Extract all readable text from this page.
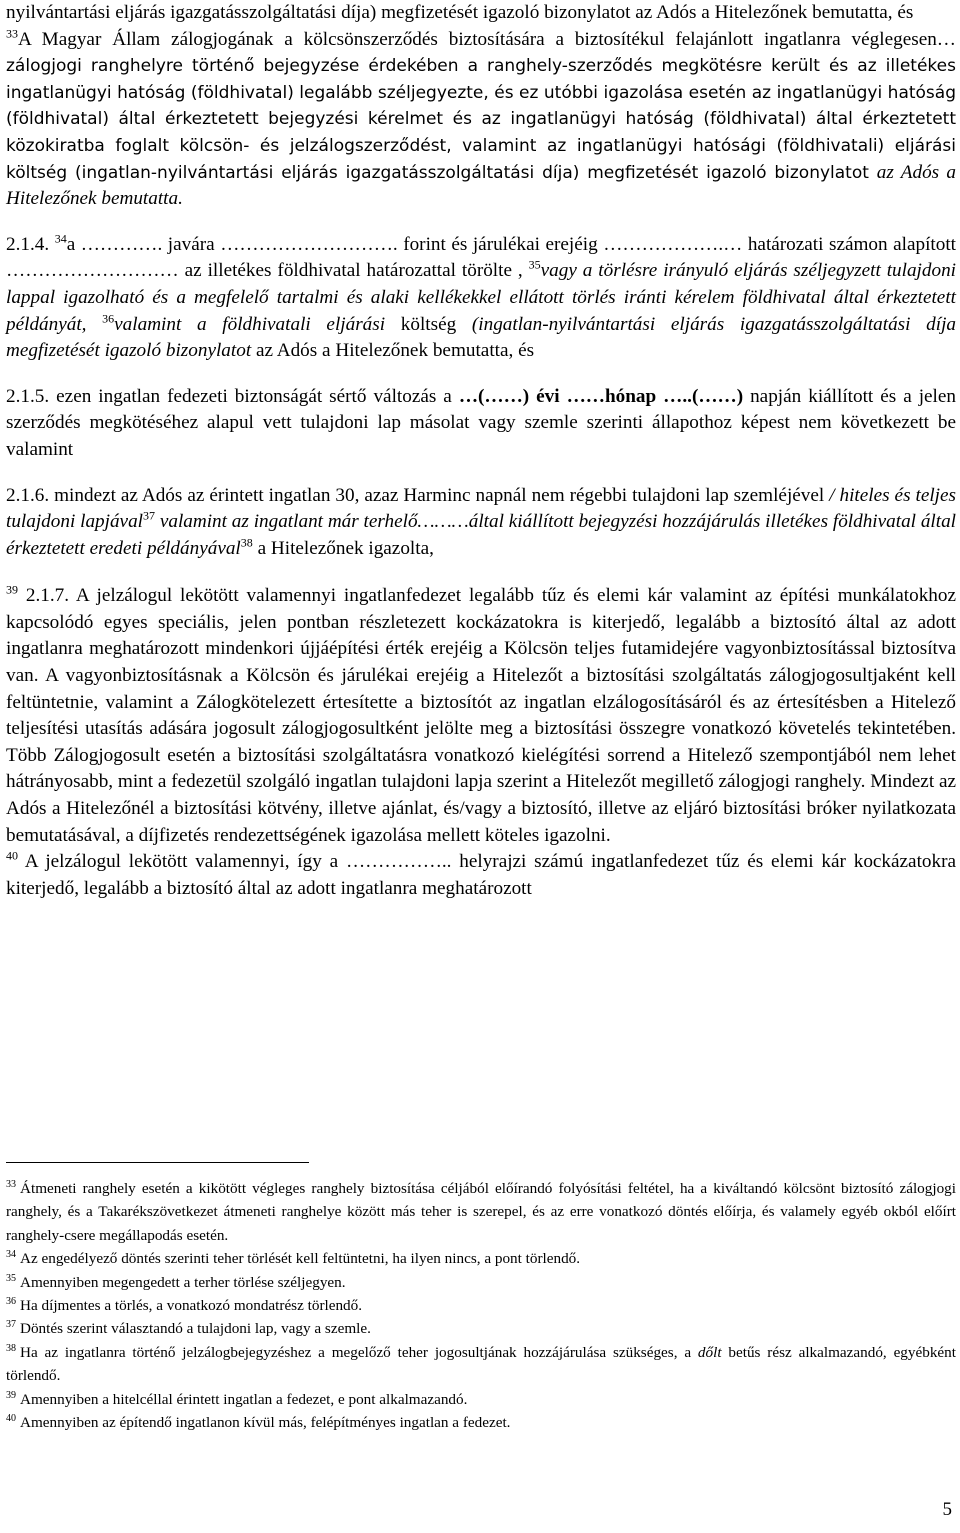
nyilvántartási eljárás igazgatásszolgáltatási díja) megfizetését igazoló bizonylatot az Adós a Hitelezőnek bemutatta, és

$^{33}$A Magyar Állam zálogjogának a kölcsönszerződés biztosítására a biztosítékul felajánlott ingatlanra véglegesen… zálogjogi ranghelyre történő bejegyzése érdekében a ranghely-szerződés megkötésre került és az illetékes ingatlanügyi hatóság (földhivatal) legalább széljegyezte, és ez utóbbi igazolása esetén az ingatlanügyi hatóság (földhivatal) által érkeztetett bejegyzési kérelmet és az ingatlanügyi hatóság (földhivatal) által érkeztetett közokiratba foglalt kölcsön- és jelzálogszerződést, valamint az ingatlanügyi hatósági (földhivatali) eljárási költség (ingatlan-nyilvántartási eljárás igazgatásszolgáltatási díja) megfizetését igazoló bizonylatot az Adós a Hitelezőnek bemutatta.

2.1.4. $^{34}$a …………. javára ………………………. forint és járulékai erejéig ……………….… határozati számon alapított ……………………… az illetékes földhivatal határozattal törölte , $^{35}$vagy a törlésre irányuló eljárás széljegyzett tulajdoni lappal igazolható és a megfelelő tartalmi és alaki kellékekkel ellátott törlés iránti kérelem földhivatal által érkeztetett példányát, $^{36}$valamint a földhivatali eljárási költség (ingatlan-nyilvántartási eljárás igazgatásszolgáltatási díja megfizetését igazoló bizonylatot az Adós a Hitelezőnek bemutatta, és

2.1.5. ezen ingatlan fedezeti biztonságát sértő változás a …(……) évi ……hónap …..(……) napján kiállított és a jelen szerződés megkötéséhez alapul vett tulajdoni lap másolat vagy szemle szerinti állapothoz képest nem következett be valamint

2.1.6. mindezt az Adós az érintett ingatlan 30, azaz Harminc napnál nem régebbi tulajdoni lap szemléjével / hiteles és teljes tulajdoni lapjával$^{37}$ valamint az ingatlant már terhelő………által kiállított bejegyzési hozzájárulás illetékes földhivatal által érkeztetett eredeti példányával$^{38}$ a Hitelezőnek igazolta,

$^{39}$ 2.1.7. A jelzálogul lekötött valamennyi ingatlanfedezet legalább tűz és elemi kár valamint az építési munkálatokhoz kapcsolódó egyes speciális, jelen pontban részletezett kockázatokra is kiterjedő, legalább a biztosító által az adott ingatlanra meghatározott mindenkori újjáépítési érték erejéig a Kölcsön teljes futamidejére vagyonbiztosítással biztosítva van. A vagyonbiztosításnak a Kölcsön és járulékai erejéig a Hitelezőt a biztosítási szolgáltatás zálogjogosultjaként kell feltüntetnie, valamint a Zálogkötelezett értesítette a biztosítót az ingatlan elzálogosításáról és az értesítésben a Hitelező teljesítési utasítás adására jogosult zálogjogosultként jelölte meg a biztosítási összegre vonatkozó követelés tekintetében. Több Zálogjogosult esetén a biztosítási szolgáltatásra vonatkozó kielégítési sorrend a Hitelező szempontjából nem lehet hátrányosabb, mint a fedezetül szolgáló ingatlan tulajdoni lapja szerint a Hitelezőt megillető zálogjogi ranghely. Mindezt az Adós a Hitelezőnél a biztosítási kötvény, illetve ajánlat, és/vagy a biztosító, illetve az eljáró biztosítási bróker nyilatkozata bemutatásával, a díjfizetés rendezettségének igazolása mellett köteles igazolni.

$^{40}$ A jelzálogul lekötött valamennyi, így a …………….. helyrajzi számú ingatlanfedezet tűz és elemi kár kockázatokra kiterjedő, legalább a biztosító által az adott ingatlanra meghatározott

$^{33}$ Átmeneti ranghely esetén a kikötött végleges ranghely biztosítása céljából előírandó folyósítási feltétel, ha a kiváltandó kölcsönt biztosító zálogjogi ranghely, és a Takarékszövetkezet átmeneti ranghelye között más teher is szerepel, és az erre vonatkozó döntés előírja, és valamely egyéb okból előírt ranghely-csere megállapodás esetén.

$^{34}$ Az engedélyező döntés szerinti teher törlését kell feltüntetni, ha ilyen nincs, a pont törlendő.

$^{35}$ Amennyiben megengedett a terher törlése széljegyen.

$^{36}$ Ha díjmentes a törlés, a vonatkozó mondatrész törlendő.

$^{37}$ Döntés szerint választandó a tulajdoni lap, vagy a szemle.

$^{38}$ Ha az ingatlanra történő jelzálogbejegyzéshez a megelőző teher jogosultjának hozzájárulása szükséges, a dőlt betűs rész alkalmazandó, egyébként törlendő.

$^{39}$ Amennyiben a hitelcéllal érintett ingatlan a fedezet, e pont alkalmazandó.

$^{40}$ Amennyiben az építendő ingatlanon kívül más, felépítményes ingatlan a fedezet.

5
